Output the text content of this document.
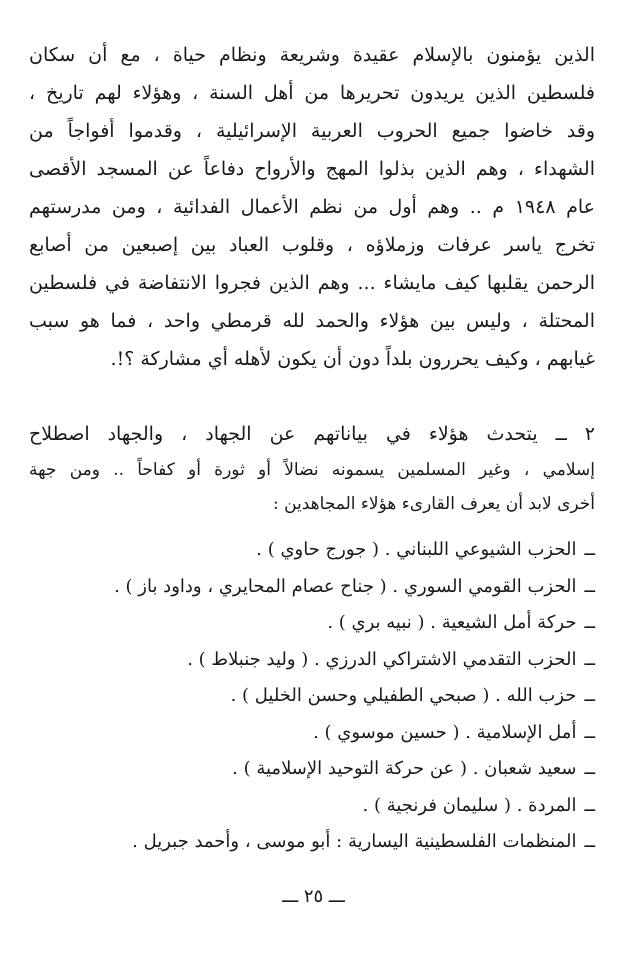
الذين يؤمنون بالإسلام عقيدة وشريعة ونظام حياة ، مع أن سكان
فلسطين الذين يريدون تحريرها من أهل السنة ، وهؤلاء لهم تاريخ ،
وقد خاضوا جميع الحروب العربية الإسرائيلية ، وقدموا أفواجاً من
الشهداء ، وهم الذين بذلوا المهج والأرواح دفاعاً عن المسجد الأقصى
عام ١٩٤٨ م .. وهم أول من نظم الأعمال الفدائية ، ومن مدرستهم
تخرج ياسر عرفات وزملاؤه ، وقلوب العباد بين إصبعين من أصابع
الرحمن يقلبها كيف مايشاء ... وهم الذين فجروا الانتفاضة في فلسطين
المحتلة ، وليس بين هؤلاء والحمد لله قرمطي واحد ، فما هو سبب
غيابهم ، وكيف يحررون بلداً دون أن يكون لأهله أي مشاركة ؟!.
٢ ــ يتحدث هؤلاء في بياناتهم عن الجهاد ، والجهاد اصطلاح
إسلامي ، وغير المسلمين يسمونه نضالاً أو ثورة أو كفاحاً .. ومن جهة
أخرى لابد أن يعرف القارىء هؤلاء المجاهدين :
ــالحزب الشيوعي اللبناني . ( جورج حاوي ) .
ــالحزب القومي السوري . ( جناح عصام المحايري ، وداود باز ) .
ــحركة أمل الشيعية . ( نبيه بري ) .
ــالحزب التقدمي الاشتراكي الدرزي . ( وليد جنبلاط ) .
ــحزب الله . ( صبحي الطفيلي وحسن الخليل ) .
ــأمل الإسلامية . ( حسين موسوي ) .
ــسعيد شعبان . ( عن حركة التوحيد الإسلامية ) .
ــالمردة . ( سليمان فرنجية ) .
ــالمنظمات الفلسطينية اليسارية : أبو موسى ، وأحمد جبريل .
ـــ ٢٥ ـــ
